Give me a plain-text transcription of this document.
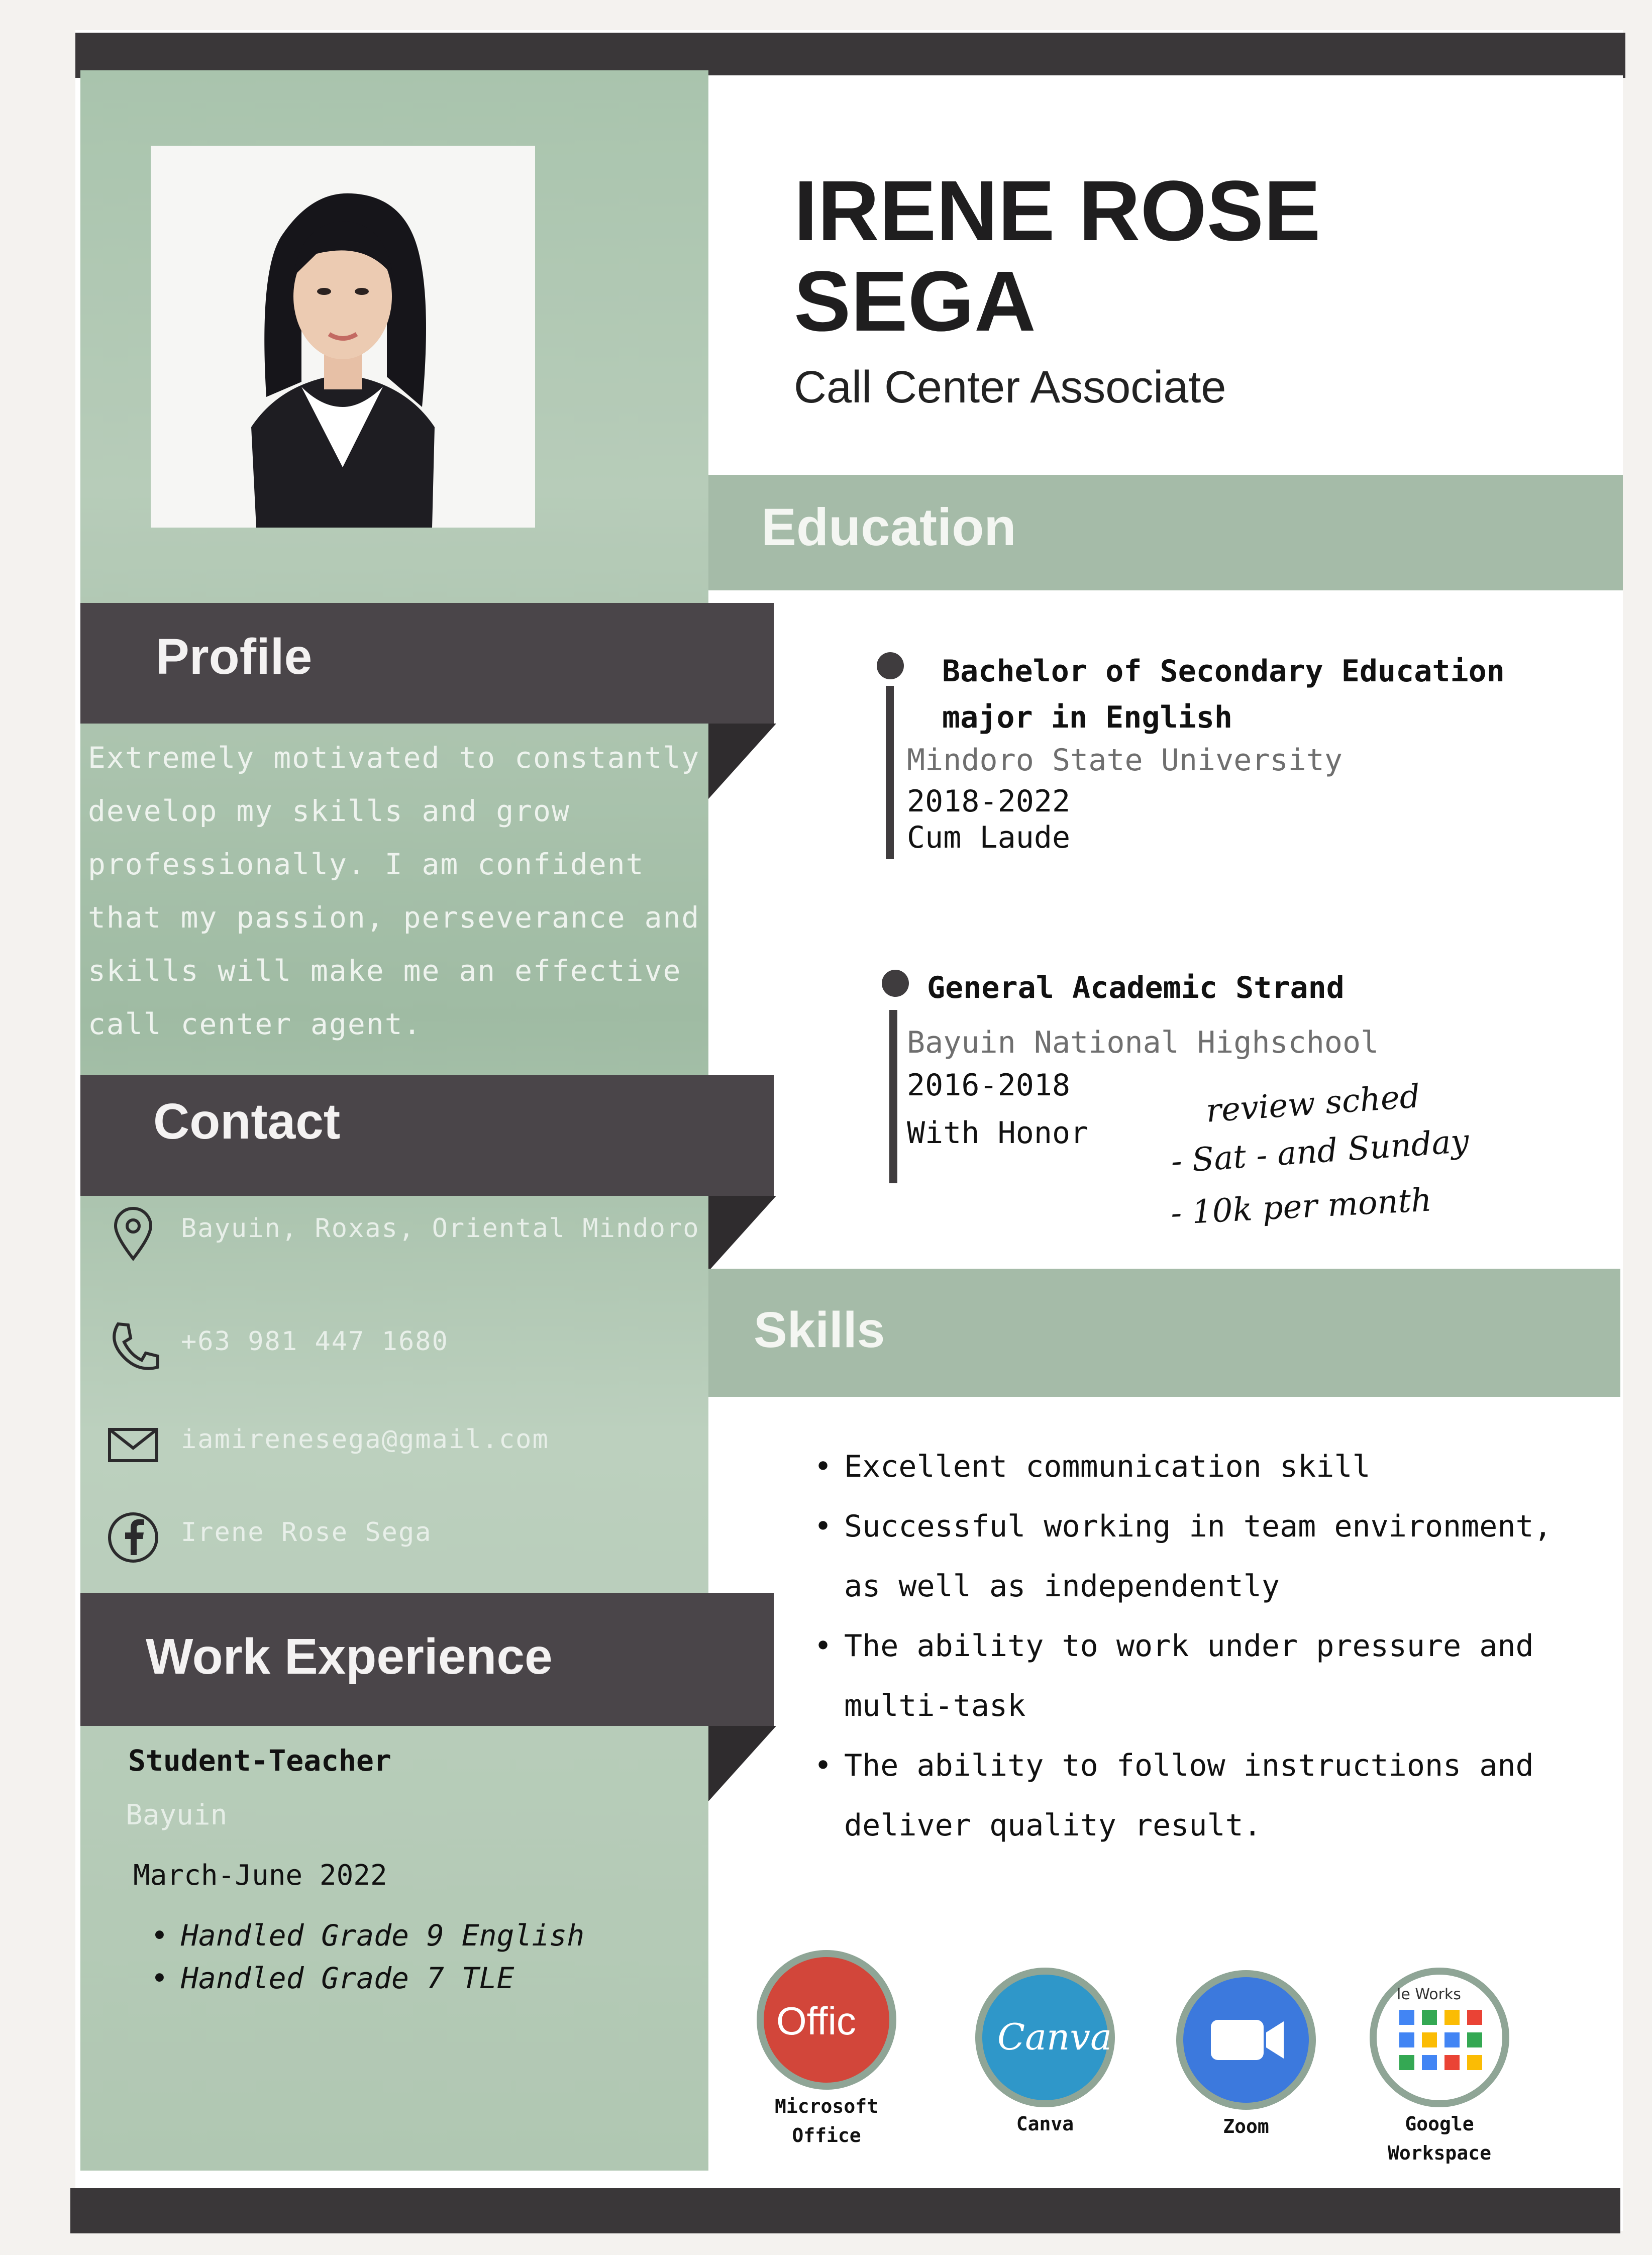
IRENE ROSE SEGA
Call Center Associate
Education
Profile
Extremely motivated to constantly develop my skills and grow professionally. I am confident that my passion, perseverance and skills will make me an effective call center agent.
Contact
Bayuin, Roxas, Oriental Mindoro
+63 981 447 1680
iamirenesega@gmail.com
Irene Rose Sega
Work Experience
Student-Teacher
Bayuin
March-June 2022
• Handled Grade 9 English
• Handled Grade 7 TLE
Bachelor of Secondary Education
major in English
Mindoro State University
2018-2022
Cum Laude
General Academic Strand
Bayuin National Highschool
2016-2018
With Honor
review sched
- Sat - and Sunday
- 10k per month
Skills
• Excellent communication skill
• Successful working in team environment, as well as independently
• The ability to work under pressure and multi-task
• The ability to follow instructions and deliver quality result.
Offic
Microsoft
Office
Canva
Canva	Zoom
le Works
Google
Workspace
